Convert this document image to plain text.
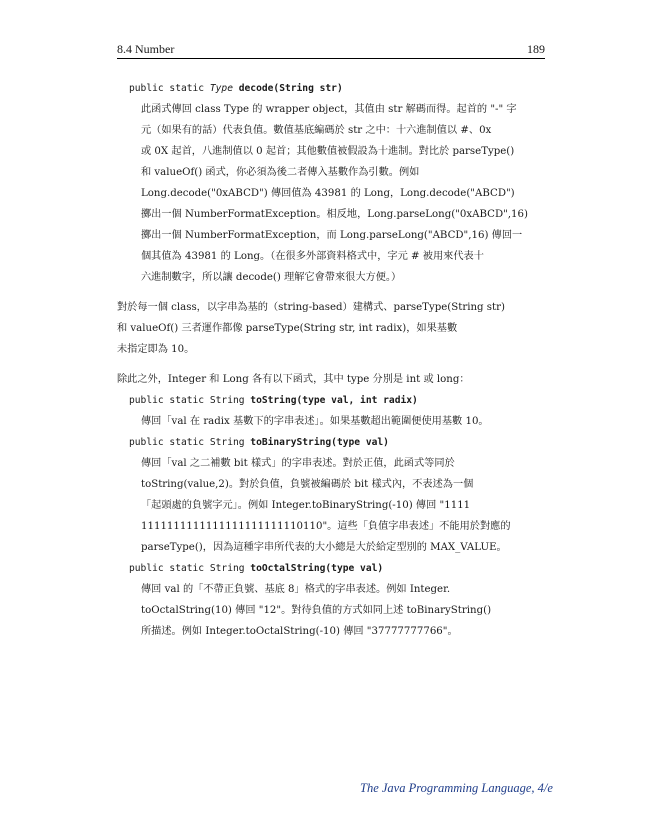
8.4 Number	189
public static Type decode(String str)
此函式傳回 class Type 的 wrapper object，其值由 str 解碼而得。起首的 "-" 字
元（如果有的話）代表負值。數值基底編碼於 str 之中：十六進制值以 #、0x
或 0X 起首，八進制值以 0 起首；其他數值被假設為十進制。對比於 parseType()
和 valueOf() 函式，你必須為後二者傳入基數作為引數。例如
Long.decode("0xABCD") 傳回值為 43981 的 Long，Long.decode("ABCD")
擲出一個 NumberFormatException。相反地，Long.parseLong("0xABCD",16)
擲出一個 NumberFormatException，而 Long.parseLong("ABCD",16) 傳回一
個其值為 43981 的 Long。（在很多外部資料格式中，字元 # 被用來代表十
六進制數字，所以讓 decode() 理解它會帶來很大方便。）
對於每一個 class，以字串為基的（string-based）建構式、parseType(String str)
和 valueOf() 三者運作都像 parseType(String str, int radix)，如果基數
未指定即為 10。
除此之外，Integer 和 Long 各有以下函式，其中 type 分別是 int 或 long：
public static String toString(type val, int radix)
傳回「val 在 radix 基數下的字串表述」。如果基數超出範圍便使用基數 10。
public static String toBinaryString(type val)
傳回「val 之二補數 bit 樣式」的字串表述。對於正值，此函式等同於
toString(value,2)。對於負值，負號被編碼於 bit 樣式內，不表述為一個
「起頭處的負號字元」。例如 Integer.toBinaryString(-10) 傳回 "1111
1111111111111111111111110110"。這些「負值字串表述」不能用於對應的
parseType()，因為這種字串所代表的大小總是大於給定型別的 MAX_VALUE。
public static String toOctalString(type val)
傳回 val 的「不帶正負號、基底 8」格式的字串表述。例如 Integer.
toOctalString(10) 傳回 "12"。對待負值的方式如同上述 toBinaryString()
所描述。例如 Integer.toOctalString(-10) 傳回 "37777777766"。
The Java Programming Language, 4/e
